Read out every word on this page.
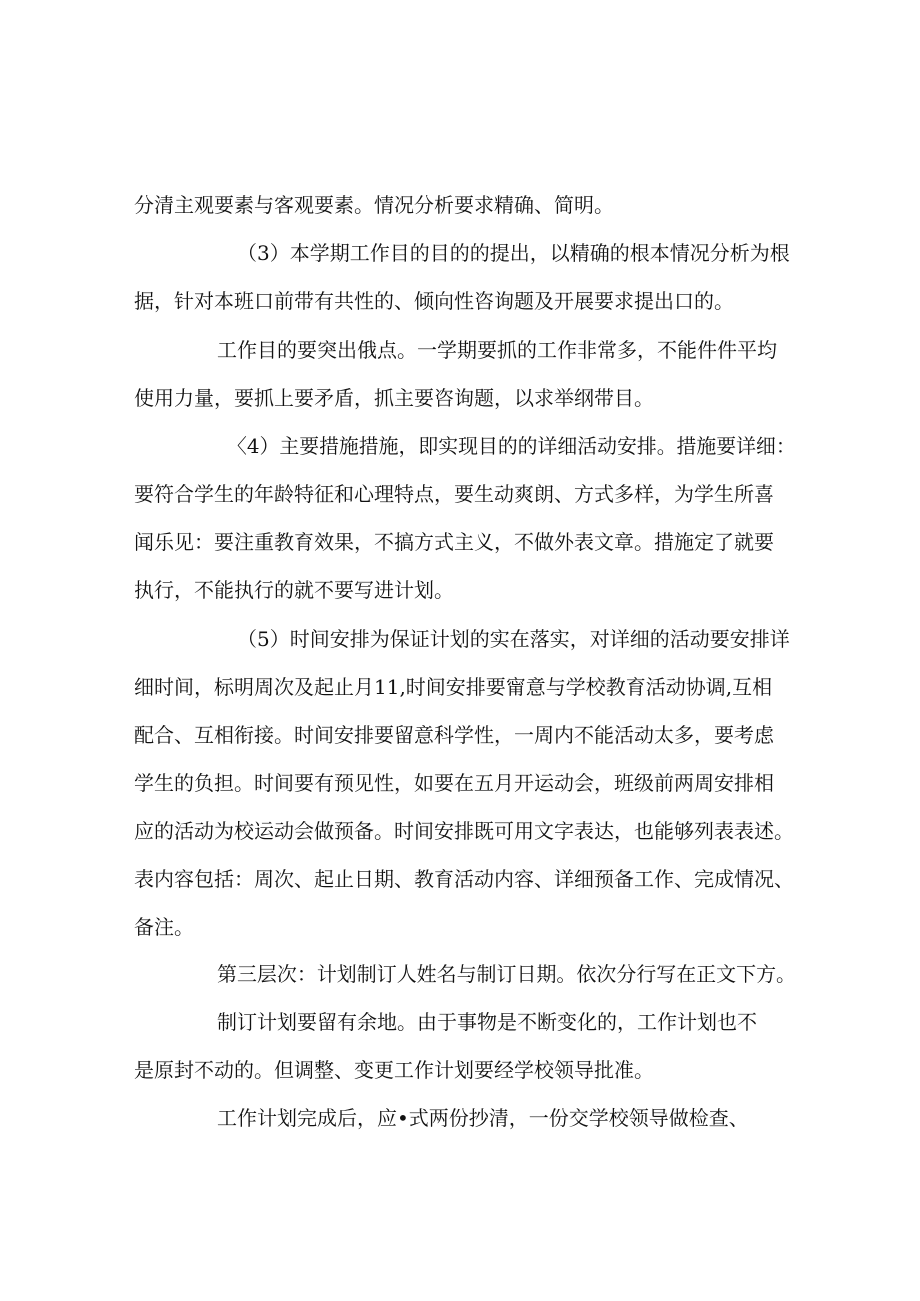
分清主观要素与客观要素。情况分析要求精确、简明。

（3）本学期工作目的目的的提出，以精确的根本情况分析为根

据，针对本班口前带有共性的、倾向性咨询题及开展要求提出口的。

工作目的要突出俄点。一学期要抓的工作非常多，不能件件平均

使用力量，要抓上要矛盾，抓主要咨询题，以求举纲带目。

〈4）主要措施措施，即实现目的的详细活动安排。措施要详细：

要符合学生的年龄特征和心理特点，要生动爽朗、方式多样，为学生所喜

闻乐见：要注重教育效果，不搞方式主义，不做外表文章。措施定了就要

执行，不能执行的就不要写进计划。

（5）时间安排为保证计划的实在落实，对详细的活动要安排详

细时间，标明周次及起止月11,时间安排要甯意与学校教育活动协调,互相

配合、互相衔接。时间安排要留意科学性，一周内不能活动太多，要考虑

学生的负担。时间要有预见性，如要在五月开运动会，班级前两周安排相

应的活动为校运动会做预备。时间安排既可用文字表达，也能够列表表述。

表内容包括：周次、起止日期、教育活动内容、详细预备工作、完成情况、

备注。

第三层次：计划制订人姓名与制订日期。依次分行写在正文下方。

制订计划要留有余地。由于事物是不断变化的，工作计划也不

是原封不动的。但调整、变更工作计划要经学校领导批准。

工作计划完成后，应•式两份抄清，一份交学校领导做检查、
